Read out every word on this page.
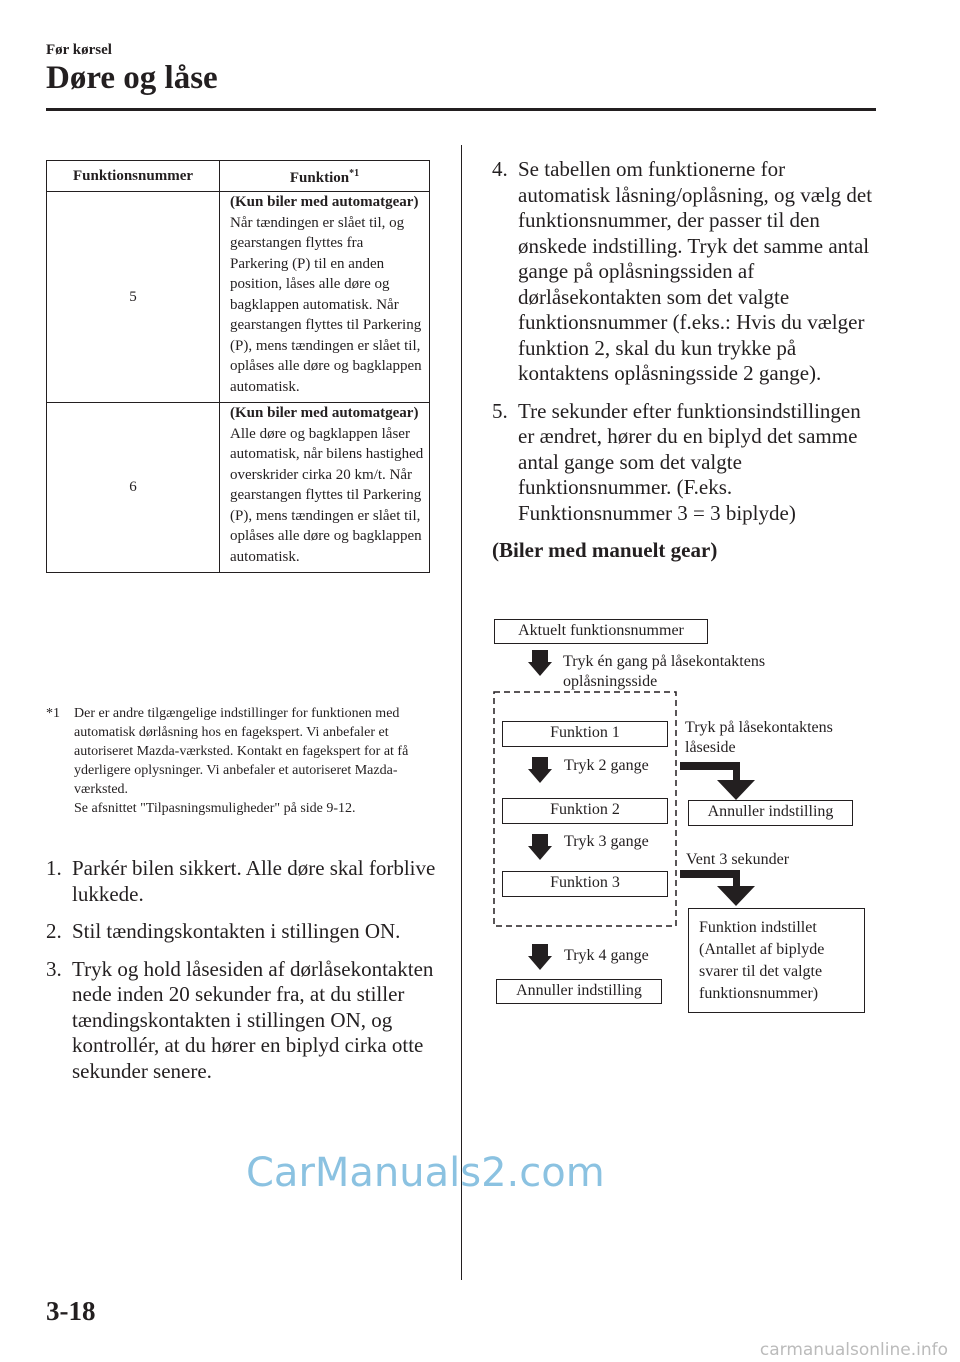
Før kørsel
Døre og låse
Funktionsnummer	Funktion$^{*1}$
5	(Kun biler med automatgear)
Når tændingen er slået til, og gearstangen flyttes fra Parkering (P) til en anden position, låses alle døre og bagklappen automatisk. Når gearstangen flyttes til Parkering (P), mens tændingen er slået til, oplåses alle døre og bagklappen automatisk.

6	(Kun biler med automatgear)
Alle døre og bagklappen låser automatisk, når bilens hastighed overskrider cirka 20 km/t. Når gearstangen flyttes til Parkering (P), mens tændingen er slået til, oplåses alle døre og bagklappen automatisk.
*1	Der er andre tilgængelige indstillinger for funktionen med automatisk dørlåsning hos en fagekspert. Vi anbefaler et autoriseret Mazda-værksted. Kontakt en fagekspert for at få yderligere oplysninger. Vi anbefaler et autoriseret Mazda-værksted.
Se afsnittet "Tilpasningsmuligheder" på side 9-12.
1. Parkér bilen sikkert. Alle døre skal forblive lukkede.
2. Stil tændingskontakten i stillingen ON.
3. Tryk og hold låsesiden af dørlåsekontakten nede inden 20 sekunder fra, at du stiller tændingskontakten i stillingen ON, og kontrollér, at du hører en biplyd cirka otte sekunder senere.
4. Se tabellen om funktionerne for automatisk låsning/oplåsning, og vælg det funktionsnummer, der passer til den ønskede indstilling. Tryk det samme antal gange på oplåsningssiden af dørlåsekontakten som det valgte funktionsnummer (f.eks.: Hvis du vælger funktion 2, skal du kun trykke på kontaktens oplåsningsside 2 gange).
5. Tre sekunder efter funktionsindstillingen er ændret, hører du en biplyd det samme antal gange som det valgte funktionsnummer. (F.eks. Funktionsnummer 3 = 3 biplyde)
(Biler med manuelt gear)
Aktuelt funktionsnummer
Tryk én gang på låsekontaktens oplåsningsside
Funktion 1
Tryk 2 gange
Funktion 2
Tryk 3 gange
Funktion 3
Tryk 4 gange
Annuller indstilling
Tryk på låsekontaktens låseside
Annuller indstilling
Vent 3 sekunder
Funktion indstillet (Antallet af biplyde svarer til det valgte funktionsnummer)
CarManuals2.com
3-18
carmanualsonline.info
